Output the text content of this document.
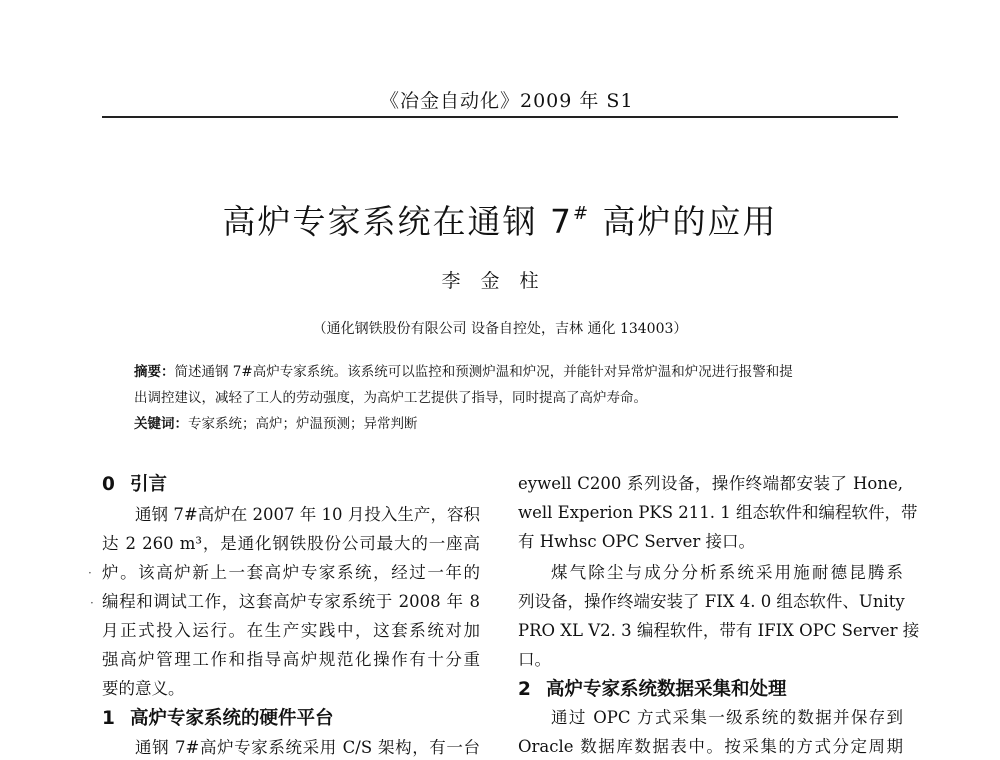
《冶金自动化》2009 年 S1
高炉专家系统在通钢 7# 高炉的应用
李金柱
（通化钢铁股份有限公司 设备自控处，吉林 通化 134003）
摘要：简述通钢 7#高炉专家系统。该系统可以监控和预测炉温和炉况，并能针对异常炉温和炉况进行报警和提
出调控建议，减轻了工人的劳动强度，为高炉工艺提供了指导，同时提高了高炉寿命。
关键词：专家系统；高炉；炉温预测；异常判断
0 引言
通钢 7#高炉在 2007 年 10 月投入生产，容积
达 2 260 m³，是通化钢铁股份公司最大的一座高
炉。该高炉新上一套高炉专家系统，经过一年的
编程和调试工作，这套高炉专家系统于 2008 年 8
月正式投入运行。在生产实践中，这套系统对加
强高炉管理工作和指导高炉规范化操作有十分重
要的意义。
1 高炉专家系统的硬件平台
通钢 7#高炉专家系统采用 C/S 架构，有一台
eywell C200 系列设备，操作终端都安装了 Hone,
well Experion PKS 211. 1 组态软件和编程软件，带
有 Hwhsc OPC Server 接口。
煤气除尘与成分分析系统采用施耐德昆腾系
列设备，操作终端安装了 FIX 4. 0 组态软件、Unity
PRO XL V2. 3 编程软件，带有 IFIX OPC Server 接
口。
2 高炉专家系统数据采集和处理
通过 OPC 方式采集一级系统的数据并保存到
Oracle 数据库数据表中。按采集的方式分定周期
·
·
